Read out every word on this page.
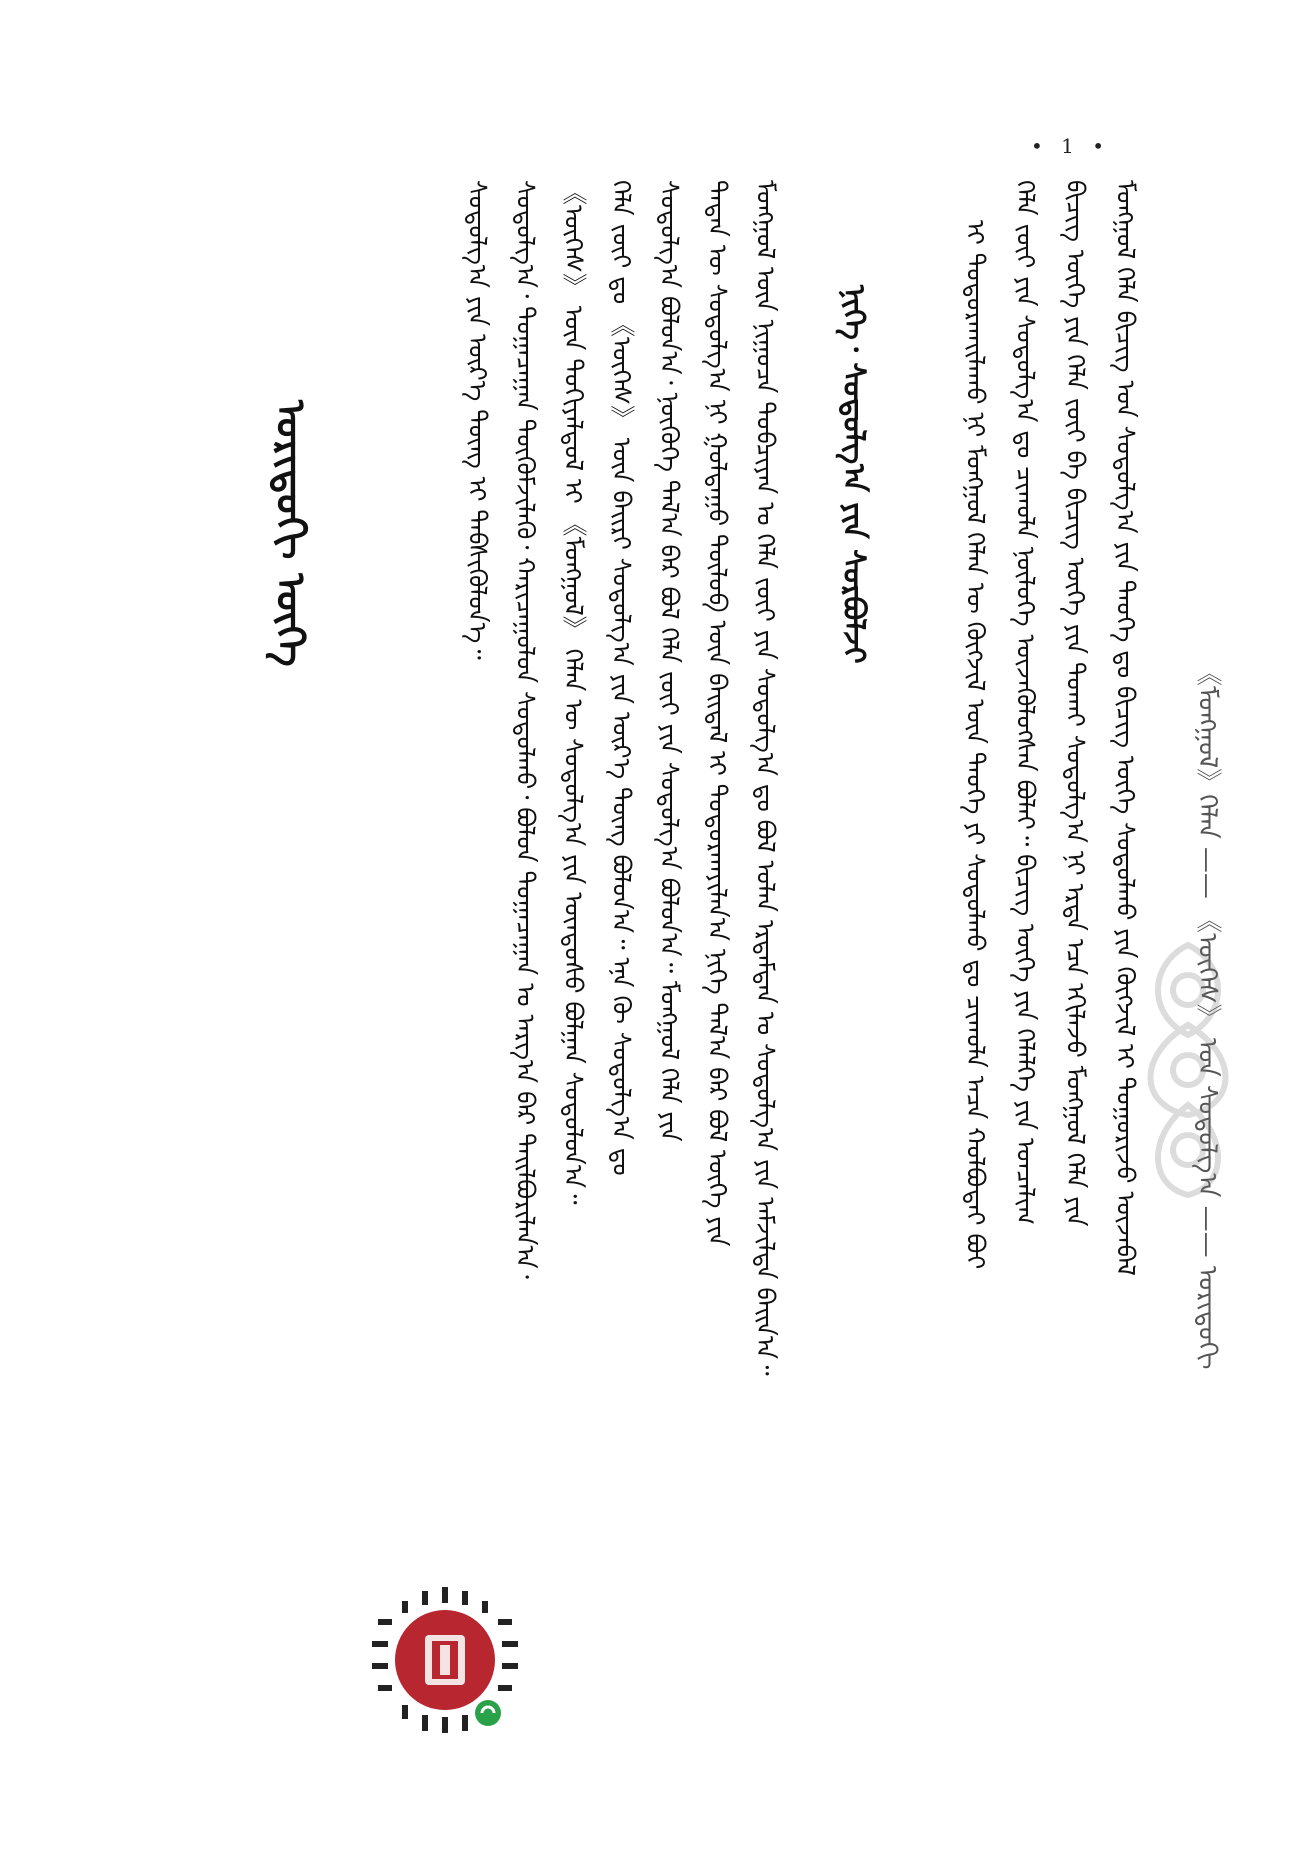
• 1 •
ᠮᠣᠩᠭᠣᠯ ᠬᠡᠯᠡ ᠪᠢᠴᠢᠭ ᠤᠨ ᠰᠤᠳᠤᠯᠭ᠎ᠠ ᠶᠢᠨ ᠲᠡᠦᠬᠡ ᠳᠤ ᠪᠢᠴᠢᠭ ᠦᠭᠡ ᠰᠤᠳᠤᠯᠬᠤ ᠶᠢᠨ ᠬᠥᠭᠵᠢᠯ ᠢ ᠲᠤᠭᠤᠷᠢᠵᠤ ᠦᠵᠡᠪᠡᠯ
ᠪᠢᠴᠢᠭ ᠦᠭᠡ ᠶᠢᠨ ᠬᠡᠯᠡ ᠵᠦᠢ ᠪᠠ ᠪᠢᠴᠢᠭ ᠦᠭᠡ ᠶᠢᠨ ᠲᠤᠬᠠᠢ ᠰᠤᠳᠤᠯᠭ᠎ᠠ ᠨᠢ ᠡᠷᠲᠡ ᠡᠴᠡ ᠡᠬᠢᠯᠡᠵᠦ ᠮᠣᠩᠭᠣᠯ ᠬᠡᠯᠡ ᠶᠢᠨ
ᠬᠡᠯᠡ ᠵᠦᠢ ᠶᠢᠨ ᠰᠤᠳᠤᠯᠭ᠎ᠠ ᠳᠤ ᠴᠢᠬᠤᠯᠠ ᠨᠥᠯᠦᠭᠡ ᠦᠵᠡᠭᠦᠯᠦᠭᠰᠡᠨ ᠪᠣᠯᠠᠢ᠃ ᠪᠢᠴᠢᠭ ᠦᠭᠡ ᠶᠢᠨ ᠬᠡᠯᠡᠯᠭᠡ ᠶᠢᠨ ᠣᠨᠴᠠᠯᠢᠭ
ᠢ ᠲᠣᠳᠤᠷᠬᠠᠢᠯᠠᠬᠤ ᠨᠢ ᠮᠣᠩᠭᠣᠯ ᠬᠡᠯᠡᠨ ᠦ ᠬᠥᠭᠵᠢᠯ ᠦᠨ ᠲᠡᠦᠬᠡ ᠶᠢ ᠰᠤᠳᠤᠯᠬᠤ ᠳᠤ ᠴᠢᠬᠤᠯᠠ ᠠᠴᠠ ᠬᠣᠯᠪᠣᠳᠠᠢ ᠪᠤᠢ
ᠨᠢᠭᠡ᠂ ᠰᠤᠳᠤᠯᠭ᠎ᠠ ᠶᠢᠨ ᠰᠤᠷᠪᠤᠯᠵᠢ
ᠮᠣᠩᠭᠣᠯ ᠦᠨ ᠨᠢᠭᠤᠴᠠ ᠲᠣᠪᠴᠢᠶᠠᠨ ᠤ ᠬᠡᠯᠡ ᠵᠦᠢ ᠶᠢᠨ ᠰᠤᠳᠤᠯᠭ᠎ᠠ ᠳᠤ ᠪᠣᠯ ᠣᠯᠠᠨ ᠡᠷᠳᠡᠮᠲᠡᠨ ᠤ ᠰᠤᠳᠤᠯᠭ᠎ᠠ ᠶᠢᠨ ᠠᠮᠵᠢᠯᠲᠠ ᠪᠠᠢᠨ᠎ᠠ᠃
ᠲᠡᠳᠡᠨ ᠦ ᠰᠤᠳᠤᠯᠭ᠎ᠠ ᠨᠢ ᠭᠣᠯᠳᠠᠭᠤ ᠲᠥᠯᠦᠪ ᠦᠨ ᠪᠠᠢᠳᠠᠯ ᠢ ᠲᠣᠳᠣᠷᠬᠠᠶᠢᠯᠠᠨ᠎ᠠ ᠨᠢᠭᠡ ᠲᠠᠯ᠎ᠠ ᠪᠠᠷ ᠪᠣᠯ ᠦᠭᠡ ᠶᠢᠨ
ᠰᠤᠳᠤᠯᠭ᠎ᠠ ᠪᠣᠯᠤᠨ᠎ᠠ᠂ ᠨᠥᠭᠦᠭᠡ ᠲᠠᠯ᠎ᠠ ᠪᠠᠷ ᠪᠣᠯ ᠬᠡᠯᠡ ᠵᠦᠢ ᠶᠢᠨ ᠰᠤᠳᠤᠯᠭ᠎ᠠ ᠪᠣᠯᠤᠨ᠎ᠠ᠃ ᠮᠣᠩᠭᠣᠯ ᠬᠡᠯᠡ ᠶᠢᠨ
ᠬᠡᠯᠡ ᠵᠦᠢ ᠳᠤ 《ᠦᠭᠡᠰ》 ᠦᠨ ᠪᠠᠢᠷᠢ ᠰᠤᠳᠤᠯᠭ᠎ᠠ ᠶᠢᠨ ᠦᠷ᠎ᠡ ᠳᠦᠩ ᠪᠣᠯᠤᠨ᠎ᠠ᠃ ᠡᠨᠡ ᠬᠦ ᠰᠤᠳᠤᠯᠭ᠎ᠠ ᠳᠤ
《ᠦᠭᠡᠰ》 ᠦᠨ ᠲᠣᠬᠢᠶᠠᠯᠳᠤᠯ ᠢ 《ᠮᠣᠩᠭᠣᠯ》 ᠬᠡᠯᠡᠨ ᠦ ᠰᠤᠳᠤᠯᠭ᠎ᠠ ᠶᠢᠨ ᠦᠨᠳᠦᠰᠦ ᠪᠣᠯᠭᠠᠨ ᠰᠤᠳᠤᠯᠤᠨ᠎ᠠ᠃
ᠰᠤᠳᠤᠯᠭ᠎ᠠ᠂ ᠲᠣᠭᠠᠴᠠᠭᠠᠨ ᠳᠦᠭᠦᠮᠵᠢᠯᠡᠬᠦ᠂ ᠬᠠᠷᠢᠴᠠᠭᠤᠯᠤᠨ ᠰᠤᠳᠤᠯᠬᠤ᠂ ᠪᠣᠯᠤᠨ ᠲᠣᠭᠠᠴᠠᠭᠠᠨ ᠤ ᠠᠷᠭ᠎ᠠ ᠪᠠᠷ ᠲᠠᠢᠯᠪᠤᠷᠢᠯᠠᠨ᠎ᠠ᠂
ᠰᠤᠳᠤᠯᠭ᠎ᠠ ᠶᠢᠨ ᠦᠷ᠎ᠡ ᠳᠦᠩ ᠢ ᠳᠡᠪᠰᠢᠭᠦᠯᠦᠨ᠎ᠡ᠃
ᠤᠷᠢᠳᠤᠬᠢ ᠦᠭᠡ
《ᠮᠣᠩᠭᠣᠯ》ᠬᠡᠯᠡᠨ —— 《ᠦᠭᠡᠰ》 ᠤᠨ ᠰᠤᠳᠤᠯᠭ᠎ᠠ —— ᠤᠷᠢᠳᠤᠬᠢ
